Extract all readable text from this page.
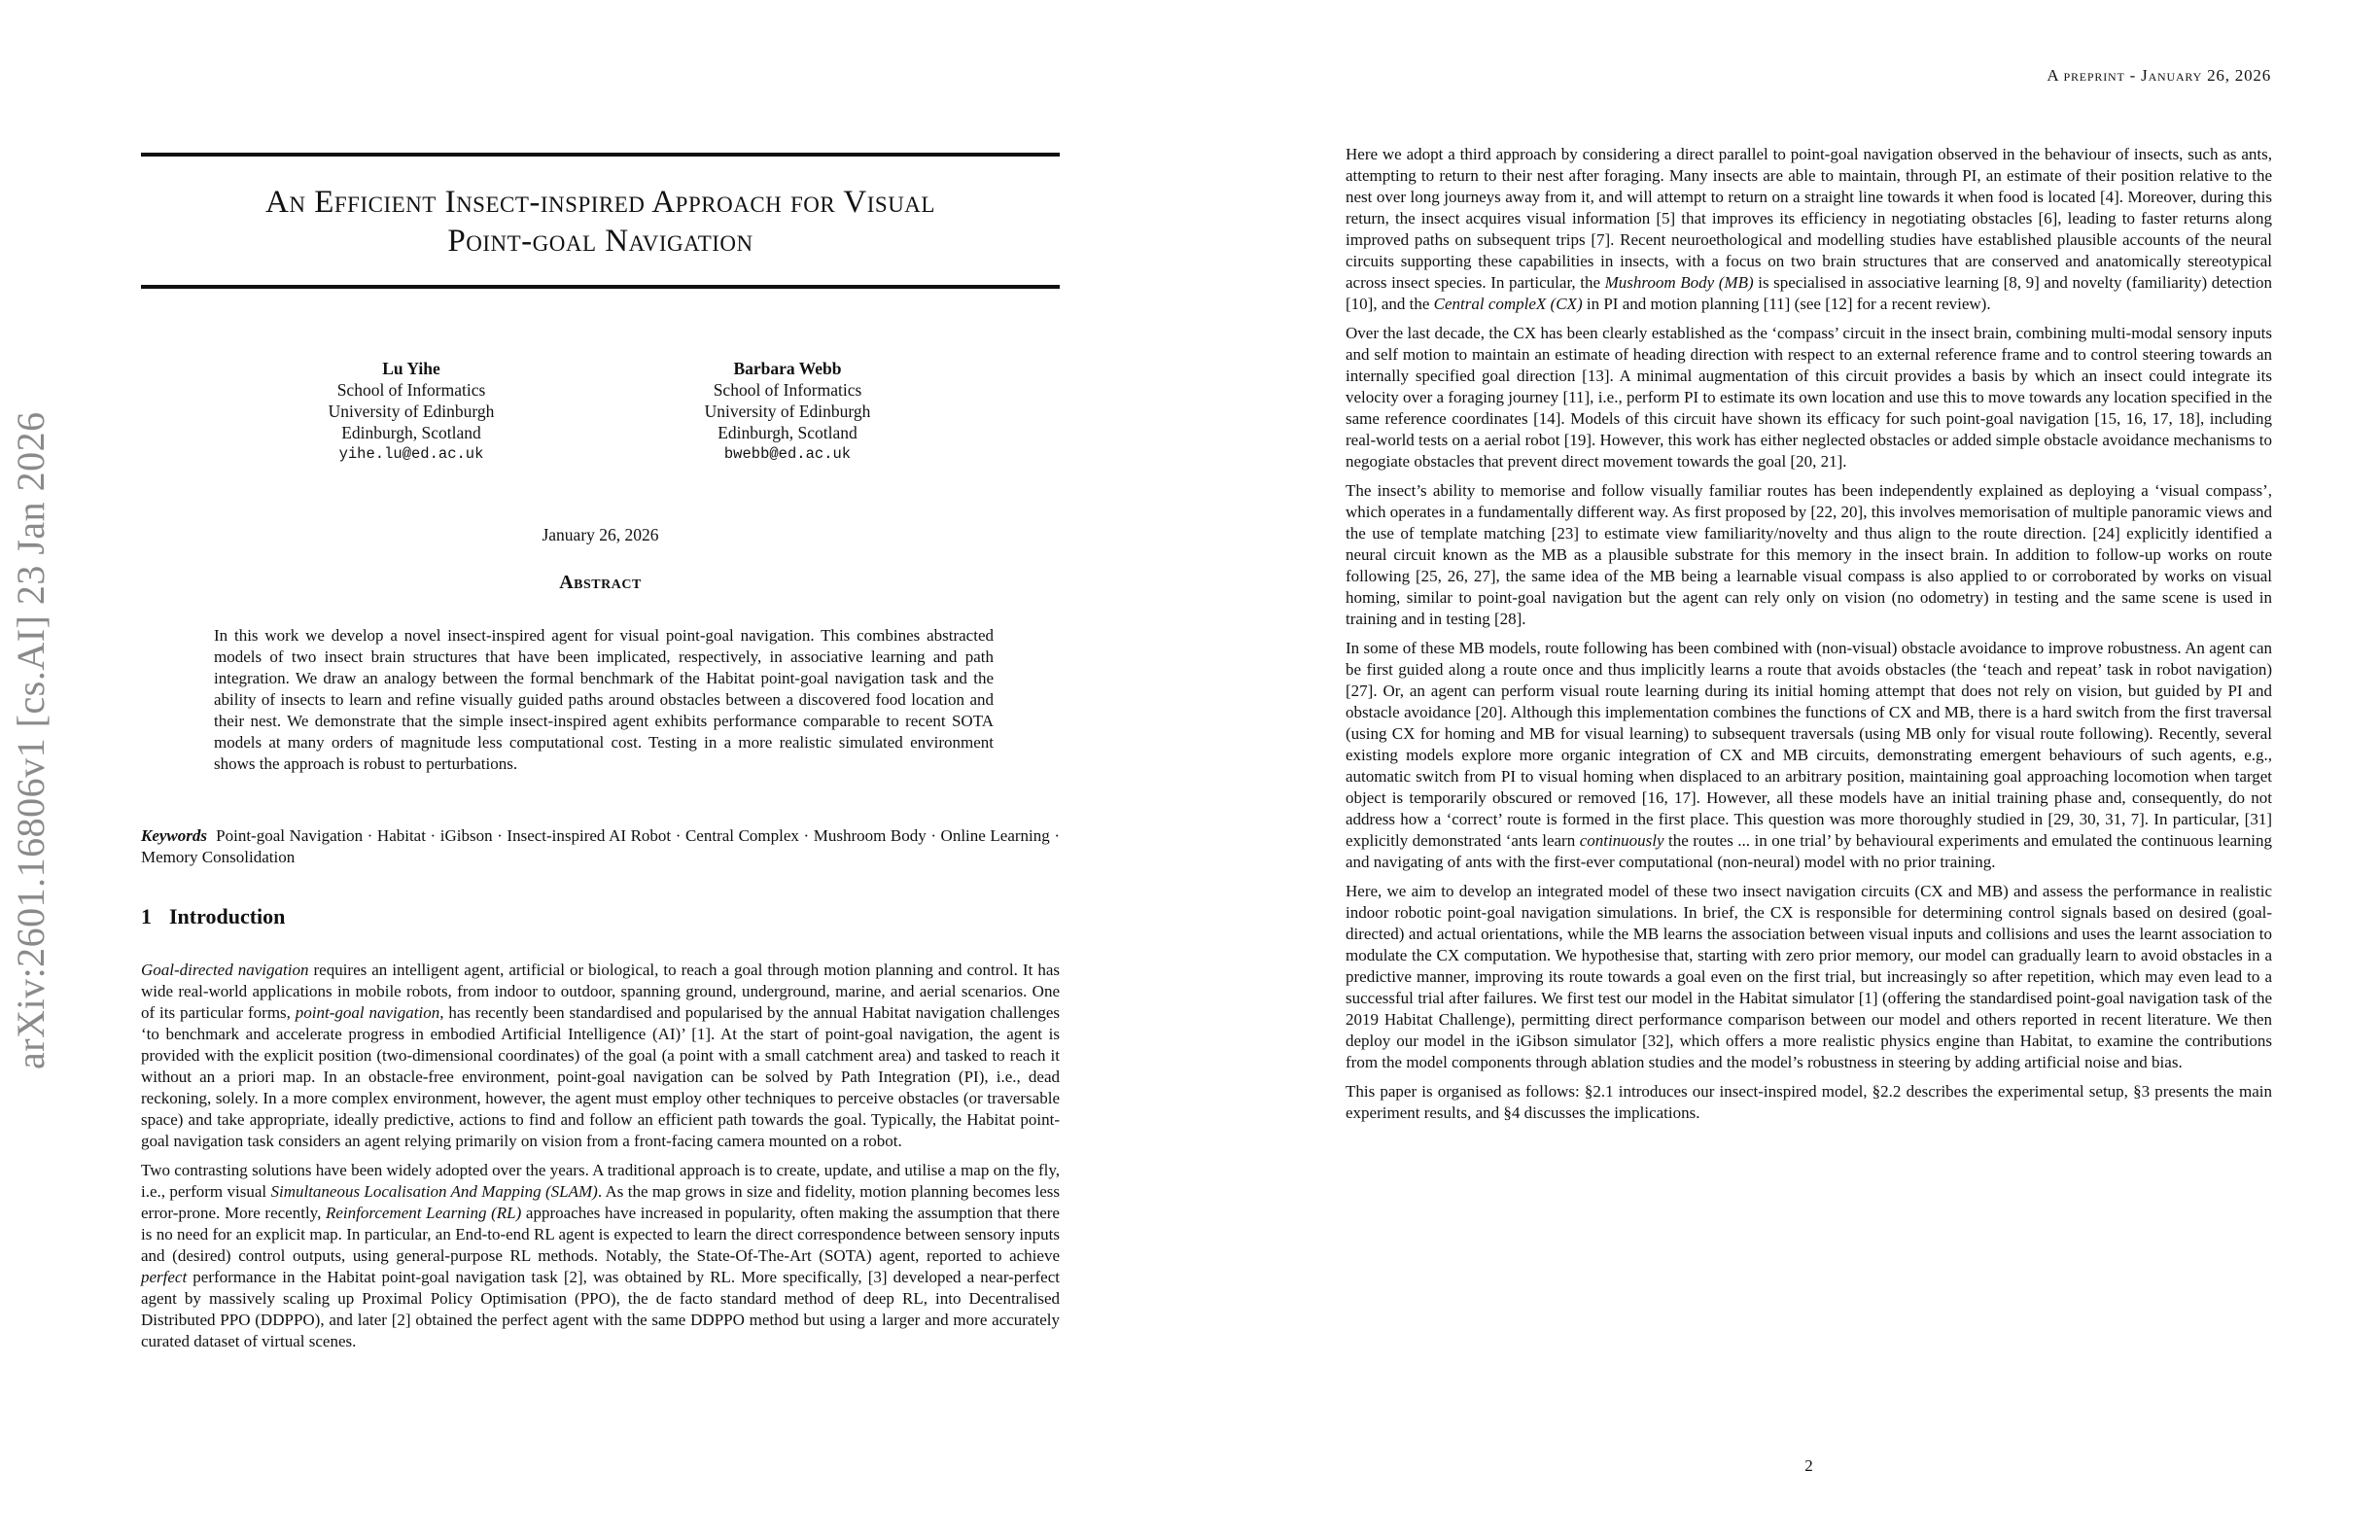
arXiv:2601.16806v1 [cs.AI] 23 Jan 2026
An Efficient Insect-inspired Approach for Visual
Point-goal Navigation
Lu Yihe
School of Informatics
University of Edinburgh
Edinburgh, Scotland
yihe.lu@ed.ac.uk
Barbara Webb
School of Informatics
University of Edinburgh
Edinburgh, Scotland
bwebb@ed.ac.uk
January 26, 2026
Abstract
In this work we develop a novel insect-inspired agent for visual point-goal navigation. This combines abstracted models of two insect brain structures that have been implicated, respectively, in associative learning and path integration. We draw an analogy between the formal benchmark of the Habitat point-goal navigation task and the ability of insects to learn and refine visually guided paths around obstacles between a discovered food location and their nest. We demonstrate that the simple insect-inspired agent exhibits performance comparable to recent SOTA models at many orders of magnitude less computational cost. Testing in a more realistic simulated environment shows the approach is robust to perturbations.
Keywords Point-goal Navigation · Habitat · iGibson · Insect-inspired AI Robot · Central Complex · Mushroom Body · Online Learning · Memory Consolidation
1 Introduction

Goal-directed navigation requires an intelligent agent, artificial or biological, to reach a goal through motion planning and control. It has wide real-world applications in mobile robots, from indoor to outdoor, spanning ground, underground, marine, and aerial scenarios. One of its particular forms, point-goal navigation, has recently been standardised and popularised by the annual Habitat navigation challenges ‘to benchmark and accelerate progress in embodied Artificial Intelligence (AI)’ [1]. At the start of point-goal navigation, the agent is provided with the explicit position (two-dimensional coordinates) of the goal (a point with a small catchment area) and tasked to reach it without an a priori map. In an obstacle-free environment, point-goal navigation can be solved by Path Integration (PI), i.e., dead reckoning, solely. In a more complex environment, however, the agent must employ other techniques to perceive obstacles (or traversable space) and take appropriate, ideally predictive, actions to find and follow an efficient path towards the goal. Typically, the Habitat point-goal navigation task considers an agent relying primarily on vision from a front-facing camera mounted on a robot.

Two contrasting solutions have been widely adopted over the years. A traditional approach is to create, update, and utilise a map on the fly, i.e., perform visual Simultaneous Localisation And Mapping (SLAM). As the map grows in size and fidelity, motion planning becomes less error-prone. More recently, Reinforcement Learning (RL) approaches have increased in popularity, often making the assumption that there is no need for an explicit map. In particular, an End-to-end RL agent is expected to learn the direct correspondence between sensory inputs and (desired) control outputs, using general-purpose RL methods. Notably, the State-Of-The-Art (SOTA) agent, reported to achieve perfect performance in the Habitat point-goal navigation task [2], was obtained by RL. More specifically, [3] developed a near-perfect agent by massively scaling up Proximal Policy Optimisation (PPO), the de facto standard method of deep RL, into Decentralised Distributed PPO (DDPPO), and later [2] obtained the perfect agent with the same DDPPO method but using a larger and more accurately curated dataset of virtual scenes.

A preprint - January 26, 2026

Here we adopt a third approach by considering a direct parallel to point-goal navigation observed in the behaviour of insects, such as ants, attempting to return to their nest after foraging. Many insects are able to maintain, through PI, an estimate of their position relative to the nest over long journeys away from it, and will attempt to return on a straight line towards it when food is located [4]. Moreover, during this return, the insect acquires visual information [5] that improves its efficiency in negotiating obstacles [6], leading to faster returns along improved paths on subsequent trips [7]. Recent neuroethological and modelling studies have established plausible accounts of the neural circuits supporting these capabilities in insects, with a focus on two brain structures that are conserved and anatomically stereotypical across insect species. In particular, the Mushroom Body (MB) is specialised in associative learning [8, 9] and novelty (familiarity) detection [10], and the Central compleX (CX) in PI and motion planning [11] (see [12] for a recent review).

Over the last decade, the CX has been clearly established as the ‘compass’ circuit in the insect brain, combining multi-modal sensory inputs and self motion to maintain an estimate of heading direction with respect to an external reference frame and to control steering towards an internally specified goal direction [13]. A minimal augmentation of this circuit provides a basis by which an insect could integrate its velocity over a foraging journey [11], i.e., perform PI to estimate its own location and use this to move towards any location specified in the same reference coordinates [14]. Models of this circuit have shown its efficacy for such point-goal navigation [15, 16, 17, 18], including real-world tests on a aerial robot [19]. However, this work has either neglected obstacles or added simple obstacle avoidance mechanisms to negogiate obstacles that prevent direct movement towards the goal [20, 21].

The insect’s ability to memorise and follow visually familiar routes has been independently explained as deploying a ‘visual compass’, which operates in a fundamentally different way. As first proposed by [22, 20], this involves memorisation of multiple panoramic views and the use of template matching [23] to estimate view familiarity/novelty and thus align to the route direction. [24] explicitly identified a neural circuit known as the MB as a plausible substrate for this memory in the insect brain. In addition to follow-up works on route following [25, 26, 27], the same idea of the MB being a learnable visual compass is also applied to or corroborated by works on visual homing, similar to point-goal navigation but the agent can rely only on vision (no odometry) in testing and the same scene is used in training and in testing [28].

In some of these MB models, route following has been combined with (non-visual) obstacle avoidance to improve robustness. An agent can be first guided along a route once and thus implicitly learns a route that avoids obstacles (the ‘teach and repeat’ task in robot navigation) [27]. Or, an agent can perform visual route learning during its initial homing attempt that does not rely on vision, but guided by PI and obstacle avoidance [20]. Although this implementation combines the functions of CX and MB, there is a hard switch from the first traversal (using CX for homing and MB for visual learning) to subsequent traversals (using MB only for visual route following). Recently, several existing models explore more organic integration of CX and MB circuits, demonstrating emergent behaviours of such agents, e.g., automatic switch from PI to visual homing when displaced to an arbitrary position, maintaining goal approaching locomotion when target object is temporarily obscured or removed [16, 17]. However, all these models have an initial training phase and, consequently, do not address how a ‘correct’ route is formed in the first place. This question was more thoroughly studied in [29, 30, 31, 7]. In particular, [31] explicitly demonstrated ‘ants learn continuously the routes ... in one trial’ by behavioural experiments and emulated the continuous learning and navigating of ants with the first-ever computational (non-neural) model with no prior training.

Here, we aim to develop an integrated model of these two insect navigation circuits (CX and MB) and assess the performance in realistic indoor robotic point-goal navigation simulations. In brief, the CX is responsible for determining control signals based on desired (goal-directed) and actual orientations, while the MB learns the association between visual inputs and collisions and uses the learnt association to modulate the CX computation. We hypothesise that, starting with zero prior memory, our model can gradually learn to avoid obstacles in a predictive manner, improving its route towards a goal even on the first trial, but increasingly so after repetition, which may even lead to a successful trial after failures. We first test our model in the Habitat simulator [1] (offering the standardised point-goal navigation task of the 2019 Habitat Challenge), permitting direct performance comparison between our model and others reported in recent literature. We then deploy our model in the iGibson simulator [32], which offers a more realistic physics engine than Habitat, to examine the contributions from the model components through ablation studies and the model’s robustness in steering by adding artificial noise and bias.

This paper is organised as follows: §2.1 introduces our insect-inspired model, §2.2 describes the experimental setup, §3 presents the main experiment results, and §4 discusses the implications.

2
